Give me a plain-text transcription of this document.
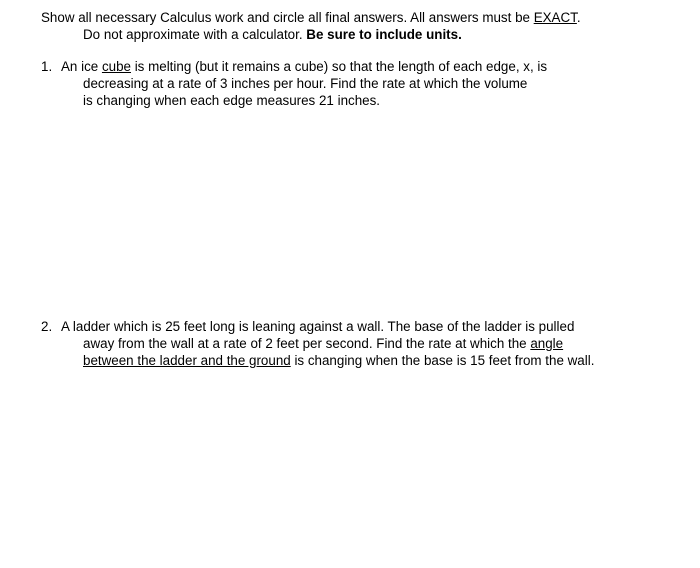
Show all necessary Calculus work and circle all final answers. All answers must be EXACT.
Do not approximate with a calculator. Be sure to include units.
1. An ice cube is melting (but it remains a cube) so that the length of each edge, x, is
decreasing at a rate of 3 inches per hour. Find the rate at which the volume
is changing when each edge measures 21 inches.
2. A ladder which is 25 feet long is leaning against a wall. The base of the ladder is pulled
away from the wall at a rate of 2 feet per second. Find the rate at which the angle
between the ladder and the ground is changing when the base is 15 feet from the wall.
